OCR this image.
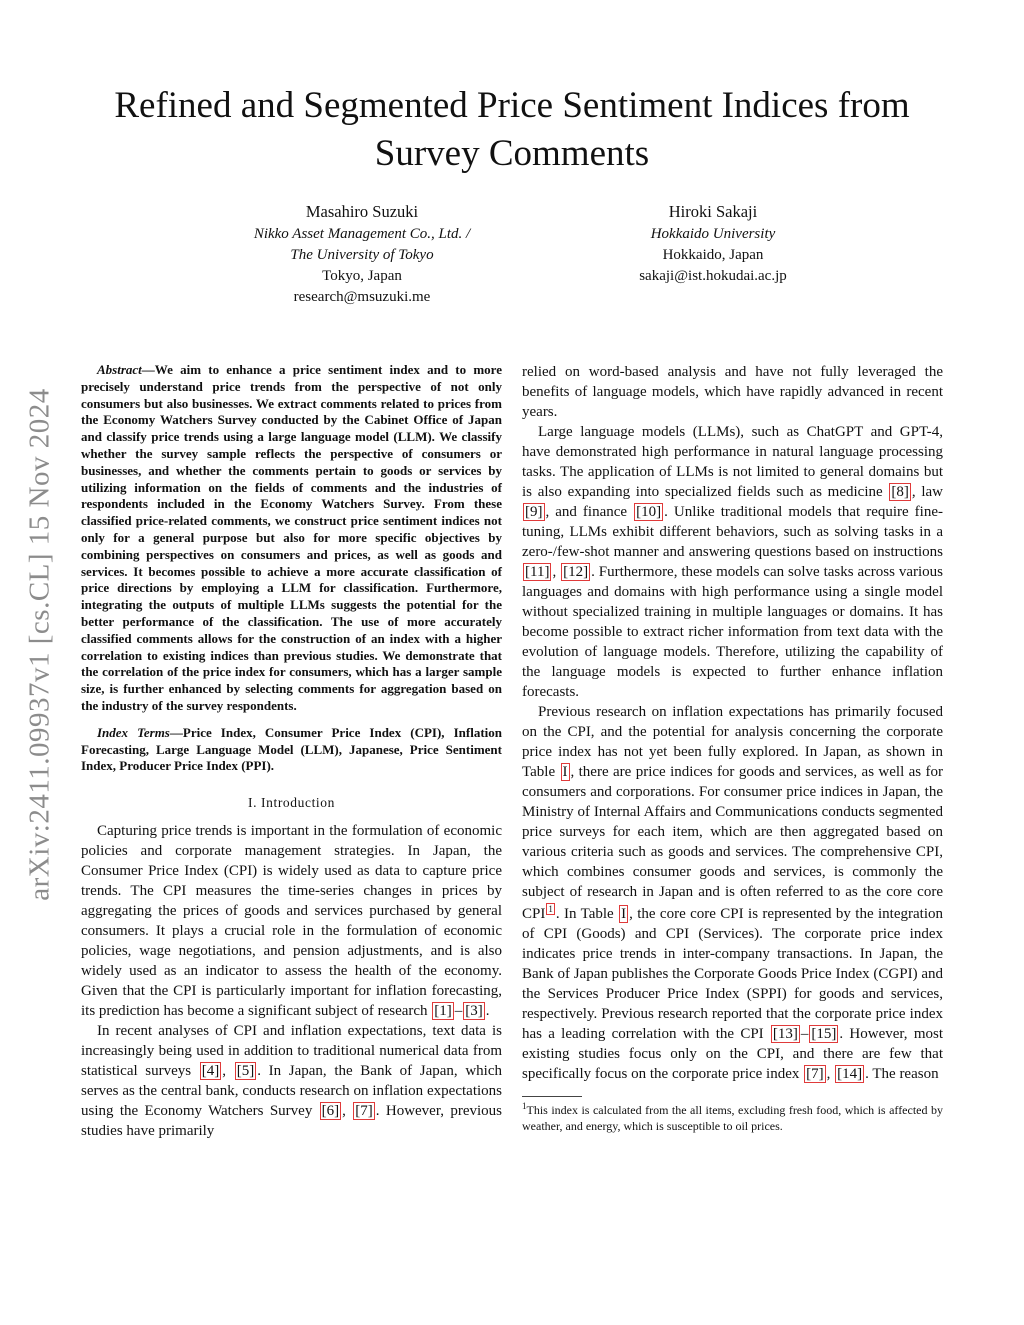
arXiv:2411.09937v1 [cs.CL] 15 Nov 2024
Refined and Segmented Price Sentiment Indices from Survey Comments
Masahiro Suzuki
Nikko Asset Management Co., Ltd. /
The University of Tokyo
Tokyo, Japan
research@msuzuki.me
Hiroki Sakaji
Hokkaido University
Hokkaido, Japan
sakaji@ist.hokudai.ac.jp

Abstract—We aim to enhance a price sentiment index and to more precisely understand price trends from the perspective of not only consumers but also businesses. We extract comments related to prices from the Economy Watchers Survey conducted by the Cabinet Office of Japan and classify price trends using a large language model (LLM). We classify whether the survey sample reflects the perspective of consumers or businesses, and whether the comments pertain to goods or services by utilizing information on the fields of comments and the industries of respondents included in the Economy Watchers Survey. From these classified price-related comments, we construct price sentiment indices not only for a general purpose but also for more specific objectives by combining perspectives on consumers and prices, as well as goods and services. It becomes possible to achieve a more accurate classification of price directions by employing a LLM for classification. Furthermore, integrating the outputs of multiple LLMs suggests the potential for the better performance of the classification. The use of more accurately classified comments allows for the construction of an index with a higher correlation to existing indices than previous studies. We demonstrate that the correlation of the price index for consumers, which has a larger sample size, is further enhanced by selecting comments for aggregation based on the industry of the survey respondents.

Index Terms—Price Index, Consumer Price Index (CPI), Inflation Forecasting, Large Language Model (LLM), Japanese, Price Sentiment Index, Producer Price Index (PPI).

I. Introduction

Capturing price trends is important in the formulation of economic policies and corporate management strategies. In Japan, the Consumer Price Index (CPI) is widely used as data to capture price trends. The CPI measures the time-series changes in prices by aggregating the prices of goods and services purchased by general consumers. It plays a crucial role in the formulation of economic policies, wage negotiations, and pension adjustments, and is also widely used as an indicator to assess the health of the economy. Given that the CPI is particularly important for inflation forecasting, its prediction has become a significant subject of research [1] – [3] .

In recent analyses of CPI and inflation expectations, text data is increasingly being used in addition to traditional numerical data from statistical surveys [4] , [5] . In Japan, the Bank of Japan, which serves as the central bank, conducts research on inflation expectations using the Economy Watchers Survey [6] , [7] . However, previous studies have primarily

relied on word-based analysis and have not fully leveraged the benefits of language models, which have rapidly advanced in recent years.

Large language models (LLMs), such as ChatGPT and GPT-4, have demonstrated high performance in natural language processing tasks. The application of LLMs is not limited to general domains but is also expanding into specialized fields such as medicine [8] , law [9] , and finance [10] . Unlike traditional models that require fine-tuning, LLMs exhibit different behaviors, such as solving tasks in a zero-/few-shot manner and answering questions based on instructions [11] , [12] . Furthermore, these models can solve tasks across various languages and domains with high performance using a single model without specialized training in multiple languages or domains. It has become possible to extract richer information from text data with the evolution of language models. Therefore, utilizing the capability of the language models is expected to further enhance inflation forecasts.

Previous research on inflation expectations has primarily focused on the CPI, and the potential for analysis concerning the corporate price index has not yet been fully explored. In Japan, as shown in Table I , there are price indices for goods and services, as well as for consumers and corporations. For consumer price indices in Japan, the Ministry of Internal Affairs and Communications conducts segmented price surveys for each item, which are then aggregated based on various criteria such as goods and services. The comprehensive CPI, which combines consumer goods and services, is commonly the subject of research in Japan and is often referred to as the core core CPI $^1$ . In Table I , the core core CPI is represented by the integration of CPI (Goods) and CPI (Services). The corporate price index indicates price trends in inter-company transactions. In Japan, the Bank of Japan publishes the Corporate Goods Price Index (CGPI) and the Services Producer Price Index (SPPI) for goods and services, respectively. Previous research reported that the corporate price index has a leading correlation with the CPI [13] – [15] . However, most existing studies focus only on the CPI, and there are few that specifically focus on the corporate price index [7] , [14] . The reason

$^1$This index is calculated from the all items, excluding fresh food, which is affected by weather, and energy, which is susceptible to oil prices.
